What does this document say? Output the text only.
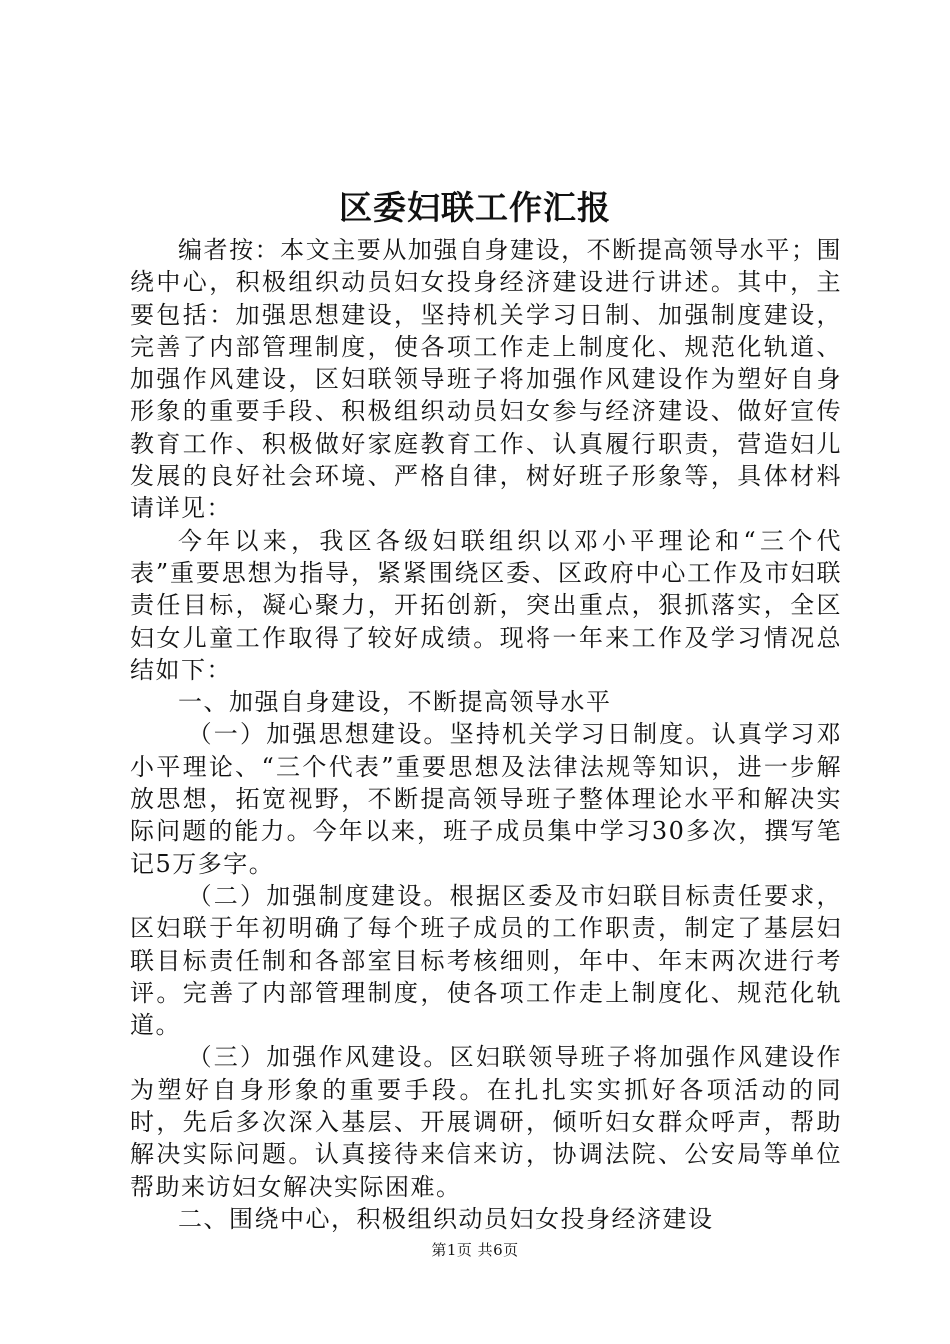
区委妇联工作汇报

编者按：本文主要从加强自身建设，不断提高领导水平；围绕中心，积极组织动员妇女投身经济建设进行讲述。其中，主要包括：加强思想建设，坚持机关学习日制、加强制度建设，完善了内部管理制度，使各项工作走上制度化、规范化轨道、加强作风建设，区妇联领导班子将加强作风建设作为塑好自身形象的重要手段、积极组织动员妇女参与经济建设、做好宣传教育工作、积极做好家庭教育工作、认真履行职责，营造妇儿发展的良好社会环境、严格自律，树好班子形象等，具体材料请详见：

今年以来，我区各级妇联组织以邓小平理论和“三个代表”重要思想为指导，紧紧围绕区委、区政府中心工作及市妇联责任目标，凝心聚力，开拓创新，突出重点，狠抓落实，全区妇女儿童工作取得了较好成绩。现将一年来工作及学习情况总结如下：

一、加强自身建设，不断提高领导水平

（一）加强思想建设。坚持机关学习日制度。认真学习邓小平理论、“三个代表”重要思想及法律法规等知识，进一步解放思想，拓宽视野，不断提高领导班子整体理论水平和解决实际问题的能力。今年以来，班子成员集中学习30多次，撰写笔记5万多字。

（二）加强制度建设。根据区委及市妇联目标责任要求，区妇联于年初明确了每个班子成员的工作职责，制定了基层妇联目标责任制和各部室目标考核细则，年中、年末两次进行考评。完善了内部管理制度，使各项工作走上制度化、规范化轨道。

（三）加强作风建设。区妇联领导班子将加强作风建设作为塑好自身形象的重要手段。在扎扎实实抓好各项活动的同时，先后多次深入基层、开展调研，倾听妇女群众呼声，帮助解决实际问题。认真接待来信来访，协调法院、公安局等单位帮助来访妇女解决实际困难。

二、围绕中心，积极组织动员妇女投身经济建设

第1页 共6页
